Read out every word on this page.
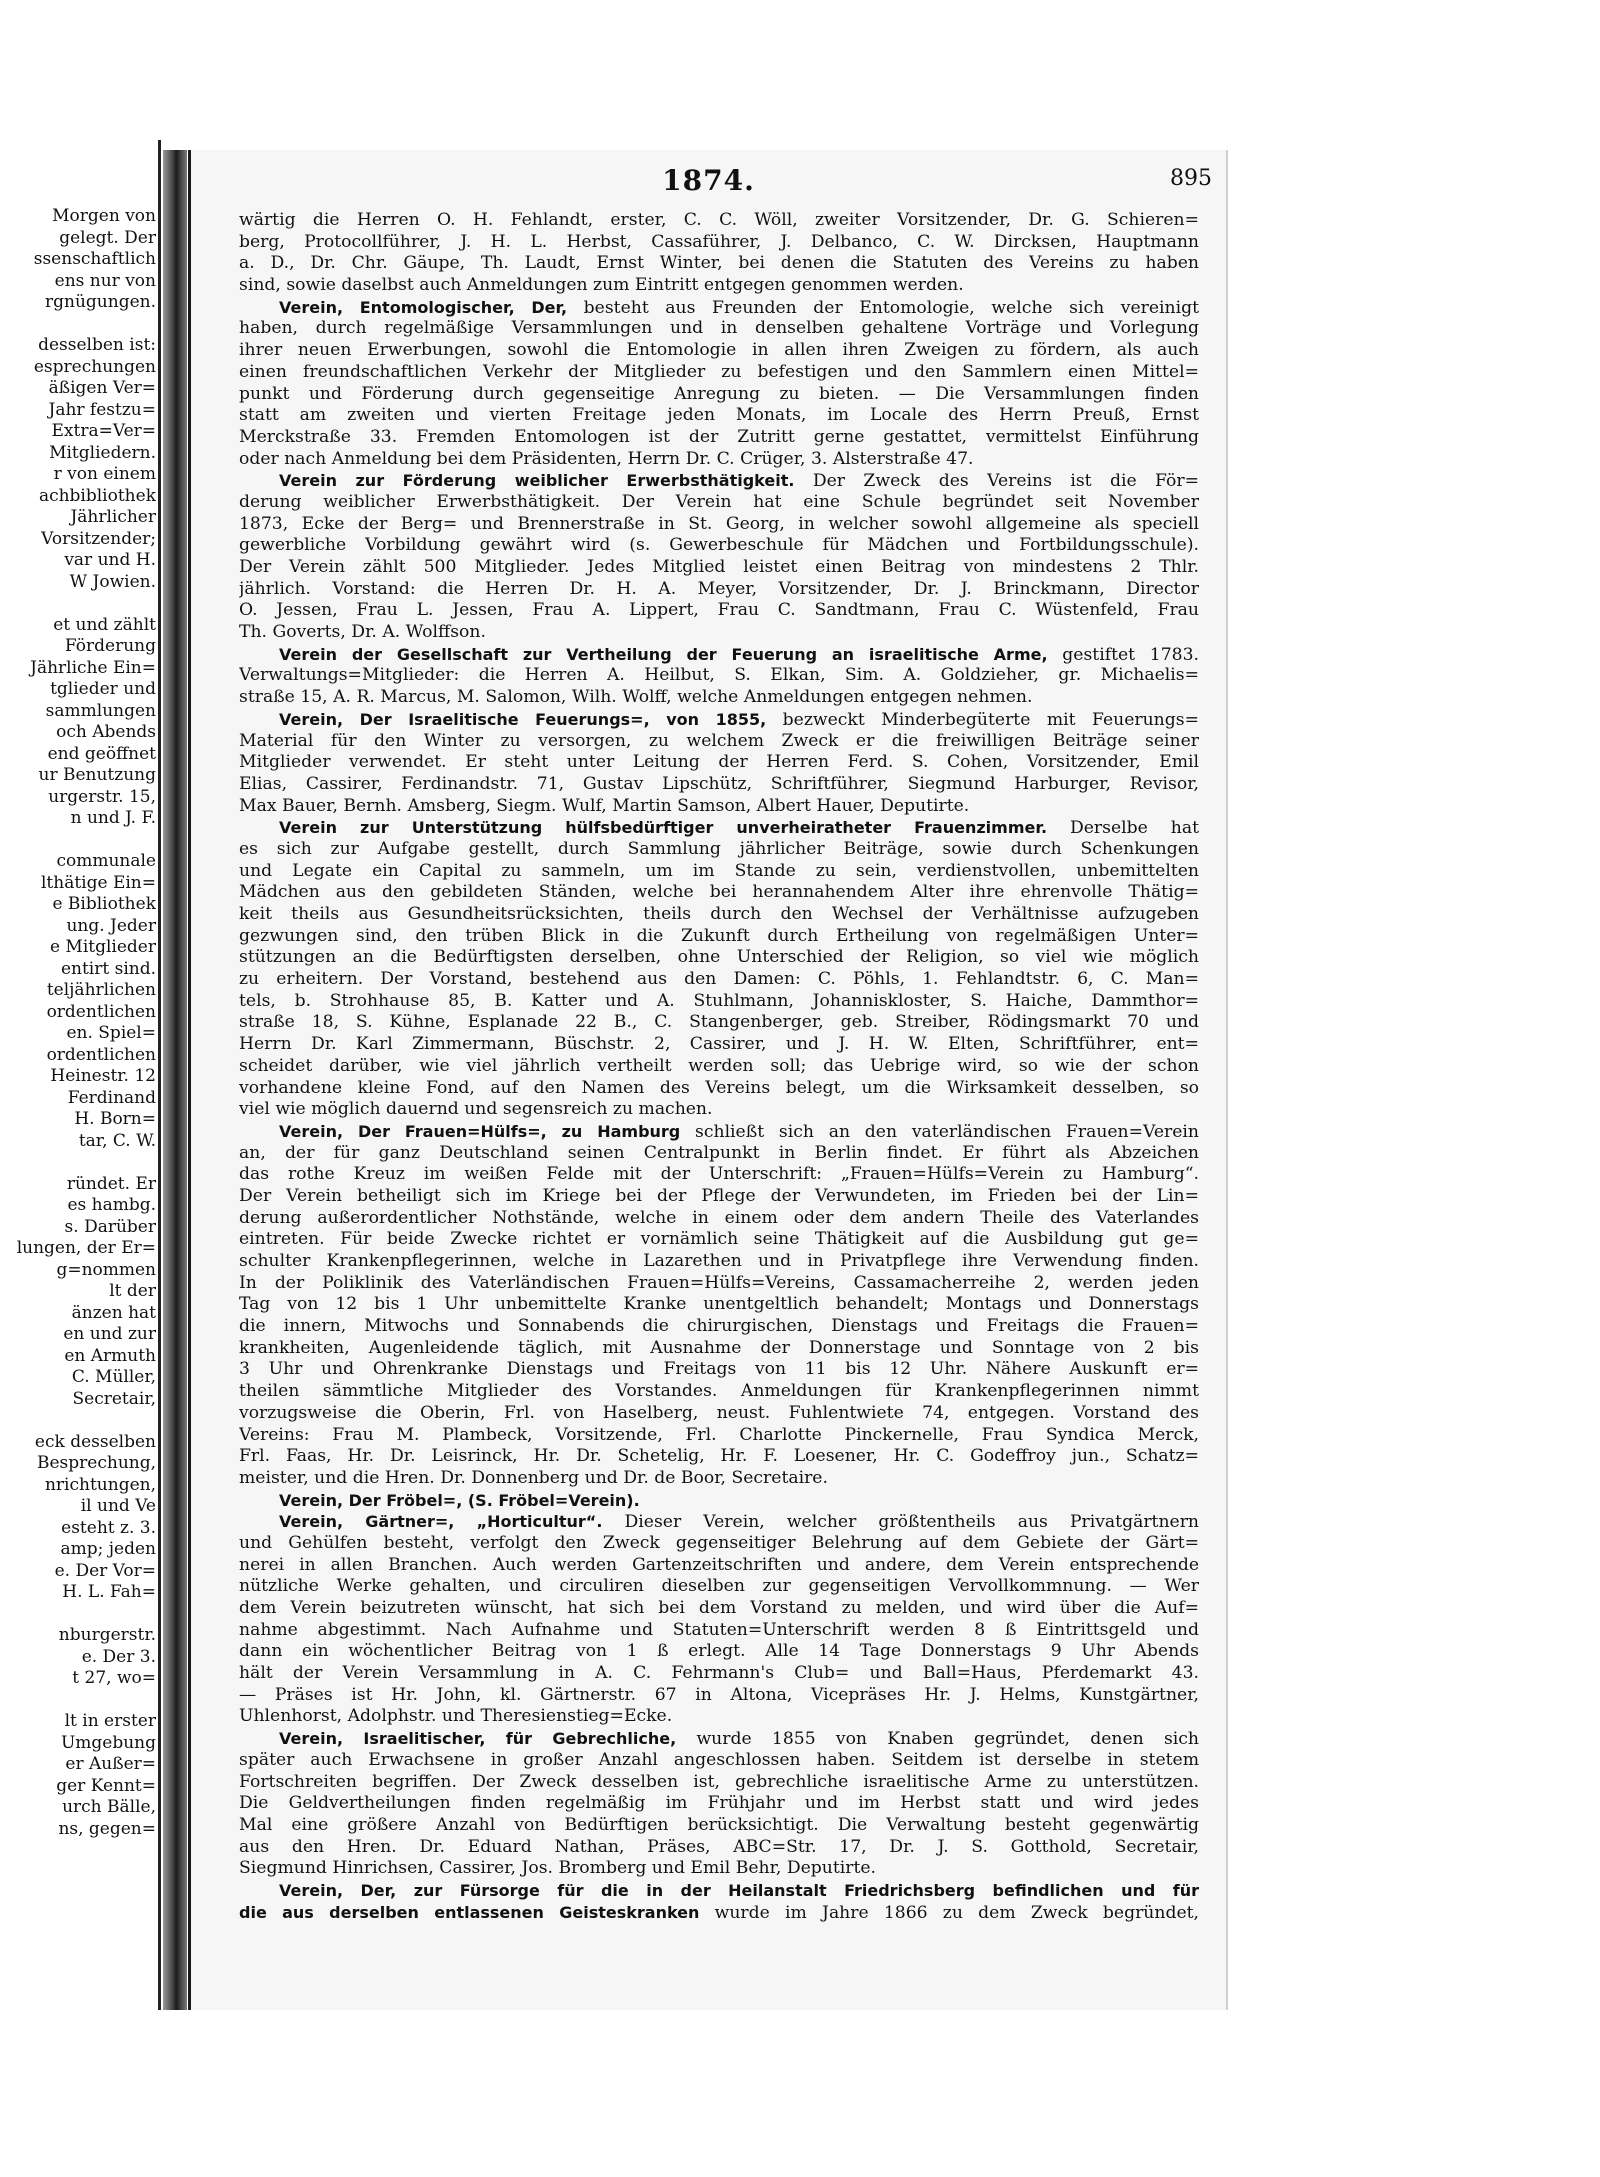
Morgen von
gelegt. Der
ssenschaftlich
ens nur von
rgnügungen.
desselben ist:
esprechungen
äßigen Ver=
Jahr festzu=
Extra=Ver=
Mitgliedern.
r von einem
achbibliothek
Jährlicher
Vorsitzender;
var und H.
W Jowien.
et und zählt
Förderung
Jährliche Ein=
tglieder und
sammlungen
och Abends
end geöffnet
ur Benutzung
urgerstr. 15,
n und J. F.
communale
lthätige Ein=
e Bibliothek
ung. Jeder
e Mitglieder
entirt sind.
teljährlichen
ordentlichen
en. Spiel=
ordentlichen
Heinestr. 12
Ferdinand
H. Born=
tar, C. W.
ründet. Er
es hambg.
s. Darüber
lungen, der Er=
g=nommen
lt der
änzen hat
en und zur
en Armuth
C. Müller,
Secretair,
eck desselben
Besprechung,
nrichtungen,
il und Ve
esteht z. 3.
amp; jeden
e. Der Vor=
H. L. Fah=
nburgerstr.
e. Der 3.
t 27, wo=
lt in erster
Umgebung
er Außer=
ger Kennt=
urch Bälle,
ns, gegen=
1874.	895
wärtig die Herren O. H. Fehlandt, erster, C. C. Wöll, zweiter Vorsitzender, Dr. G. Schieren=
berg, Protocollführer, J. H. L. Herbst, Cassaführer, J. Delbanco, C. W. Dircksen, Hauptmann
a. D., Dr. Chr. Gäupe, Th. Laudt, Ernst Winter, bei denen die Statuten des Vereins zu haben
sind, sowie daselbst auch Anmeldungen zum Eintritt entgegen genommen werden.
Verein, Entomologischer, Der, besteht aus Freunden der Entomologie, welche sich vereinigt
haben, durch regelmäßige Versammlungen und in denselben gehaltene Vorträge und Vorlegung
ihrer neuen Erwerbungen, sowohl die Entomologie in allen ihren Zweigen zu fördern, als auch
einen freundschaftlichen Verkehr der Mitglieder zu befestigen und den Sammlern einen Mittel=
punkt und Förderung durch gegenseitige Anregung zu bieten. — Die Versammlungen finden
statt am zweiten und vierten Freitage jeden Monats, im Locale des Herrn Preuß, Ernst
Merckstraße 33. Fremden Entomologen ist der Zutritt gerne gestattet, vermittelst Einführung
oder nach Anmeldung bei dem Präsidenten, Herrn Dr. C. Crüger, 3. Alsterstraße 47.
Verein zur Förderung weiblicher Erwerbsthätigkeit. Der Zweck des Vereins ist die För=
derung weiblicher Erwerbsthätigkeit. Der Verein hat eine Schule begründet seit November
1873, Ecke der Berg= und Brennerstraße in St. Georg, in welcher sowohl allgemeine als speciell
gewerbliche Vorbildung gewährt wird (s. Gewerbeschule für Mädchen und Fortbildungsschule).
Der Verein zählt 500 Mitglieder. Jedes Mitglied leistet einen Beitrag von mindestens 2 Thlr.
jährlich. Vorstand: die Herren Dr. H. A. Meyer, Vorsitzender, Dr. J. Brinckmann, Director
O. Jessen, Frau L. Jessen, Frau A. Lippert, Frau C. Sandtmann, Frau C. Wüstenfeld, Frau
Th. Goverts, Dr. A. Wolffson.
Verein der Gesellschaft zur Vertheilung der Feuerung an israelitische Arme, gestiftet 1783.
Verwaltungs=Mitglieder: die Herren A. Heilbut, S. Elkan, Sim. A. Goldzieher, gr. Michaelis=
straße 15, A. R. Marcus, M. Salomon, Wilh. Wolff, welche Anmeldungen entgegen nehmen.
Verein, Der Israelitische Feuerungs=, von 1855, bezweckt Minderbegüterte mit Feuerungs=
Material für den Winter zu versorgen, zu welchem Zweck er die freiwilligen Beiträge seiner
Mitglieder verwendet. Er steht unter Leitung der Herren Ferd. S. Cohen, Vorsitzender, Emil
Elias, Cassirer, Ferdinandstr. 71, Gustav Lipschütz, Schriftführer, Siegmund Harburger, Revisor,
Max Bauer, Bernh. Amsberg, Siegm. Wulf, Martin Samson, Albert Hauer, Deputirte.
Verein zur Unterstützung hülfsbedürftiger unverheiratheter Frauenzimmer. Derselbe hat
es sich zur Aufgabe gestellt, durch Sammlung jährlicher Beiträge, sowie durch Schenkungen
und Legate ein Capital zu sammeln, um im Stande zu sein, verdienstvollen, unbemittelten
Mädchen aus den gebildeten Ständen, welche bei herannahendem Alter ihre ehrenvolle Thätig=
keit theils aus Gesundheitsrücksichten, theils durch den Wechsel der Verhältnisse aufzugeben
gezwungen sind, den trüben Blick in die Zukunft durch Ertheilung von regelmäßigen Unter=
stützungen an die Bedürftigsten derselben, ohne Unterschied der Religion, so viel wie möglich
zu erheitern. Der Vorstand, bestehend aus den Damen: C. Pöhls, 1. Fehlandtstr. 6, C. Man=
tels, b. Strohhause 85, B. Katter und A. Stuhlmann, Johanniskloster, S. Haiche, Dammthor=
straße 18, S. Kühne, Esplanade 22 B., C. Stangenberger, geb. Streiber, Rödingsmarkt 70 und
Herrn Dr. Karl Zimmermann, Büschstr. 2, Cassirer, und J. H. W. Elten, Schriftführer, ent=
scheidet darüber, wie viel jährlich vertheilt werden soll; das Uebrige wird, so wie der schon
vorhandene kleine Fond, auf den Namen des Vereins belegt, um die Wirksamkeit desselben, so
viel wie möglich dauernd und segensreich zu machen.
Verein, Der Frauen=Hülfs=, zu Hamburg schließt sich an den vaterländischen Frauen=Verein
an, der für ganz Deutschland seinen Centralpunkt in Berlin findet. Er führt als Abzeichen
das rothe Kreuz im weißen Felde mit der Unterschrift: „Frauen=Hülfs=Verein zu Hamburg“.
Der Verein betheiligt sich im Kriege bei der Pflege der Verwundeten, im Frieden bei der Lin=
derung außerordentlicher Nothstände, welche in einem oder dem andern Theile des Vaterlandes
eintreten. Für beide Zwecke richtet er vornämlich seine Thätigkeit auf die Ausbildung gut ge=
schulter Krankenpflegerinnen, welche in Lazarethen und in Privatpflege ihre Verwendung finden.
In der Poliklinik des Vaterländischen Frauen=Hülfs=Vereins, Cassamacherreihe 2, werden jeden
Tag von 12 bis 1 Uhr unbemittelte Kranke unentgeltlich behandelt; Montags und Donnerstags
die innern, Mitwochs und Sonnabends die chirurgischen, Dienstags und Freitags die Frauen=
krankheiten, Augenleidende täglich, mit Ausnahme der Donnerstage und Sonntage von 2 bis
3 Uhr und Ohrenkranke Dienstags und Freitags von 11 bis 12 Uhr. Nähere Auskunft er=
theilen sämmtliche Mitglieder des Vorstandes. Anmeldungen für Krankenpflegerinnen nimmt
vorzugsweise die Oberin, Frl. von Haselberg, neust. Fuhlentwiete 74, entgegen. Vorstand des
Vereins: Frau M. Plambeck, Vorsitzende, Frl. Charlotte Pinckernelle, Frau Syndica Merck,
Frl. Faas, Hr. Dr. Leisrinck, Hr. Dr. Schetelig, Hr. F. Loesener, Hr. C. Godeffroy jun., Schatz=
meister, und die Hren. Dr. Donnenberg und Dr. de Boor, Secretaire.
Verein, Der Fröbel=, (S. Fröbel=Verein).
Verein, Gärtner=, „Horticultur“. Dieser Verein, welcher größtentheils aus Privatgärtnern
und Gehülfen besteht, verfolgt den Zweck gegenseitiger Belehrung auf dem Gebiete der Gärt=
nerei in allen Branchen. Auch werden Gartenzeitschriften und andere, dem Verein entsprechende
nützliche Werke gehalten, und circuliren dieselben zur gegenseitigen Vervollkommnung. — Wer
dem Verein beizutreten wünscht, hat sich bei dem Vorstand zu melden, und wird über die Auf=
nahme abgestimmt. Nach Aufnahme und Statuten=Unterschrift werden 8 ß Eintrittsgeld und
dann ein wöchentlicher Beitrag von 1 ß erlegt. Alle 14 Tage Donnerstags 9 Uhr Abends
hält der Verein Versammlung in A. C. Fehrmann's Club= und Ball=Haus, Pferdemarkt 43.
— Präses ist Hr. John, kl. Gärtnerstr. 67 in Altona, Vicepräses Hr. J. Helms, Kunstgärtner,
Uhlenhorst, Adolphstr. und Theresienstieg=Ecke.
Verein, Israelitischer, für Gebrechliche, wurde 1855 von Knaben gegründet, denen sich
später auch Erwachsene in großer Anzahl angeschlossen haben. Seitdem ist derselbe in stetem
Fortschreiten begriffen. Der Zweck desselben ist, gebrechliche israelitische Arme zu unterstützen.
Die Geldvertheilungen finden regelmäßig im Frühjahr und im Herbst statt und wird jedes
Mal eine größere Anzahl von Bedürftigen berücksichtigt. Die Verwaltung besteht gegenwärtig
aus den Hren. Dr. Eduard Nathan, Präses, ABC=Str. 17, Dr. J. S. Gotthold, Secretair,
Siegmund Hinrichsen, Cassirer, Jos. Bromberg und Emil Behr, Deputirte.
Verein, Der, zur Fürsorge für die in der Heilanstalt Friedrichsberg befindlichen und für
die aus derselben entlassenen Geisteskranken wurde im Jahre 1866 zu dem Zweck begründet,
